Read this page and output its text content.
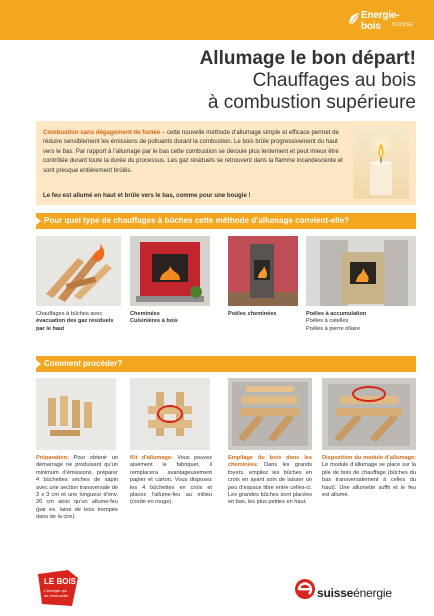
Energie-bois	SUISSE
Allumage le bon départ!
Chauffages au bois
à combustion supérieure

Combustion sans dégagement de fumée – cette nouvelle méthode d’allumage simple et efficace permet de réduire sensiblement les émissions de polluants durant la combustion. Le bois brûle progressivement du haut vers le bas. Par rapport à l’allumage par le bas cette combustion se déroule plus lentement et peut mieux être contrôlée durant toute la durée du processus. Les gaz résiduels se retrouvent dans la flamme incandescente et sont presque entièrement brûlés.

Le feu est allumé en haut et brûle vers le bas, comme pour une bougie !
Pour quel type de chauffages à bûches cette méthode d’allumage convient-elle?
Chauffages à bûches avec évacuation des gaz résiduels par le haut
Cheminées
Cuisinières à bois
Poêles cheminées	Poêles à accumulation
Poêles à catelles
Poêles à pierre ollaire
Comment procéder?
Préparation: Pour obtenir un démarrage ne produisant qu’un minimum d’émissions, préparer 4 bûchettes sèches de sapin avec une section transversale de 3 x 3 cm et une longueur d’env. 20 cm ainsi qu’un allume-feu (par ex. laine de bois trempée dans de la cire).
Kit d’allumage: Vous pouvez aisément le fabriquer, il remplacera avantageusement papier et carton. Vous disposez les 4 bûchettes en croix et placez l’allume-feu au milieu (corde en rouge).
Empilage du bois dans les cheminées: Dans les grands foyers, empilez les bûches en croix en ayant soin de laisser un peu d’espace libre entre celles-ci. Les grandes bûches sont placées en bas, les plus petites en haut.
Disposition du module d’allumage: Le module d’allumage se place sur la pile de bois de chauffage (bûches du bas transversalement à celles du haut). Une allumette suffit et le feu est allumé.
LE BOIS
L’énergie qui
se renouvelle.	suisseénergie
